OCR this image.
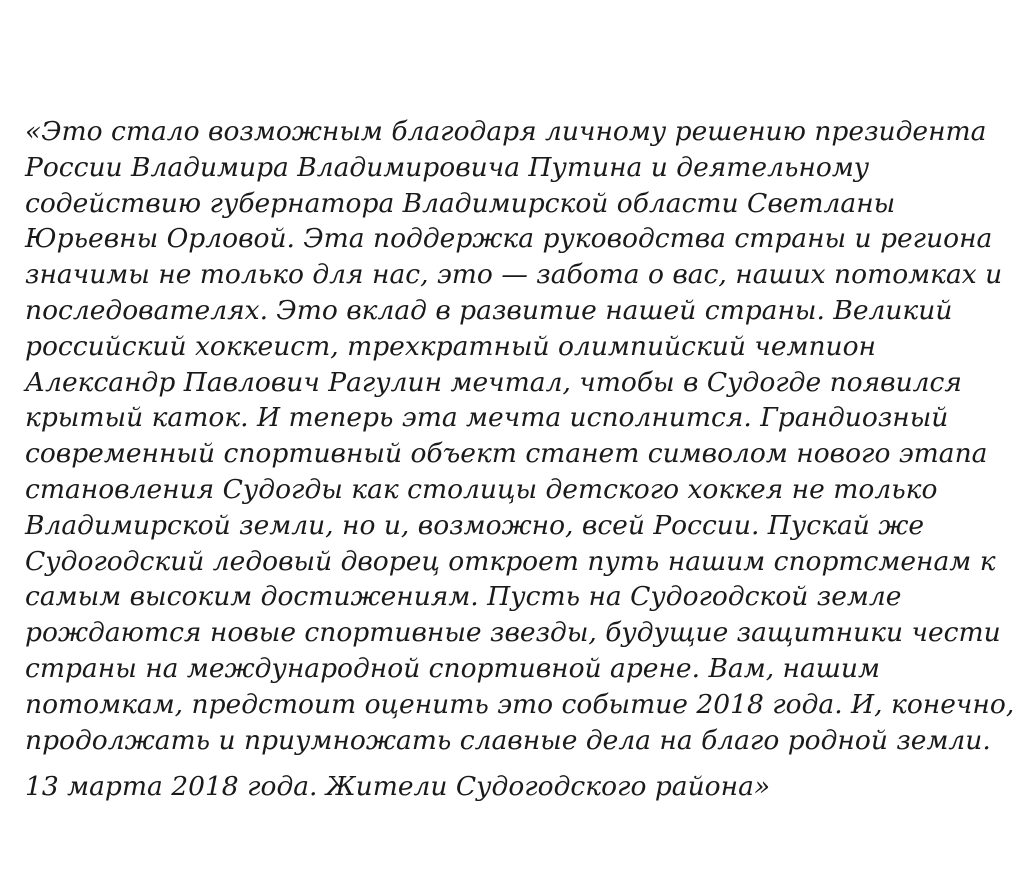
«Это стало возможным благодаря личному решению президента
России Владимира Владимировича Путина и деятельному
содействию губернатора Владимирской области Светланы
Юрьевны Орловой. Эта поддержка руководства страны и региона
значимы не только для нас, это — забота о вас, наших потомках и
последователях. Это вклад в развитие нашей страны. Великий
российский хоккеист, трехкратный олимпийский чемпион
Александр Павлович Рагулин мечтал, чтобы в Судогде появился
крытый каток. И теперь эта мечта исполнится. Грандиозный
современный спортивный объект станет символом нового этапа
становления Судогды как столицы детского хоккея не только
Владимирской земли, но и, возможно, всей России. Пускай же
Судогодский ледовый дворец откроет путь нашим спортсменам к
самым высоким достижениям. Пусть на Судогодской земле
рождаются новые спортивные звезды, будущие защитники чести
страны на международной спортивной арене. Вам, нашим
потомкам, предстоит оценить это событие 2018 года. И, конечно,
продолжать и приумножать славные дела на благо родной земли.
13 марта 2018 года. Жители Судогодского района»
